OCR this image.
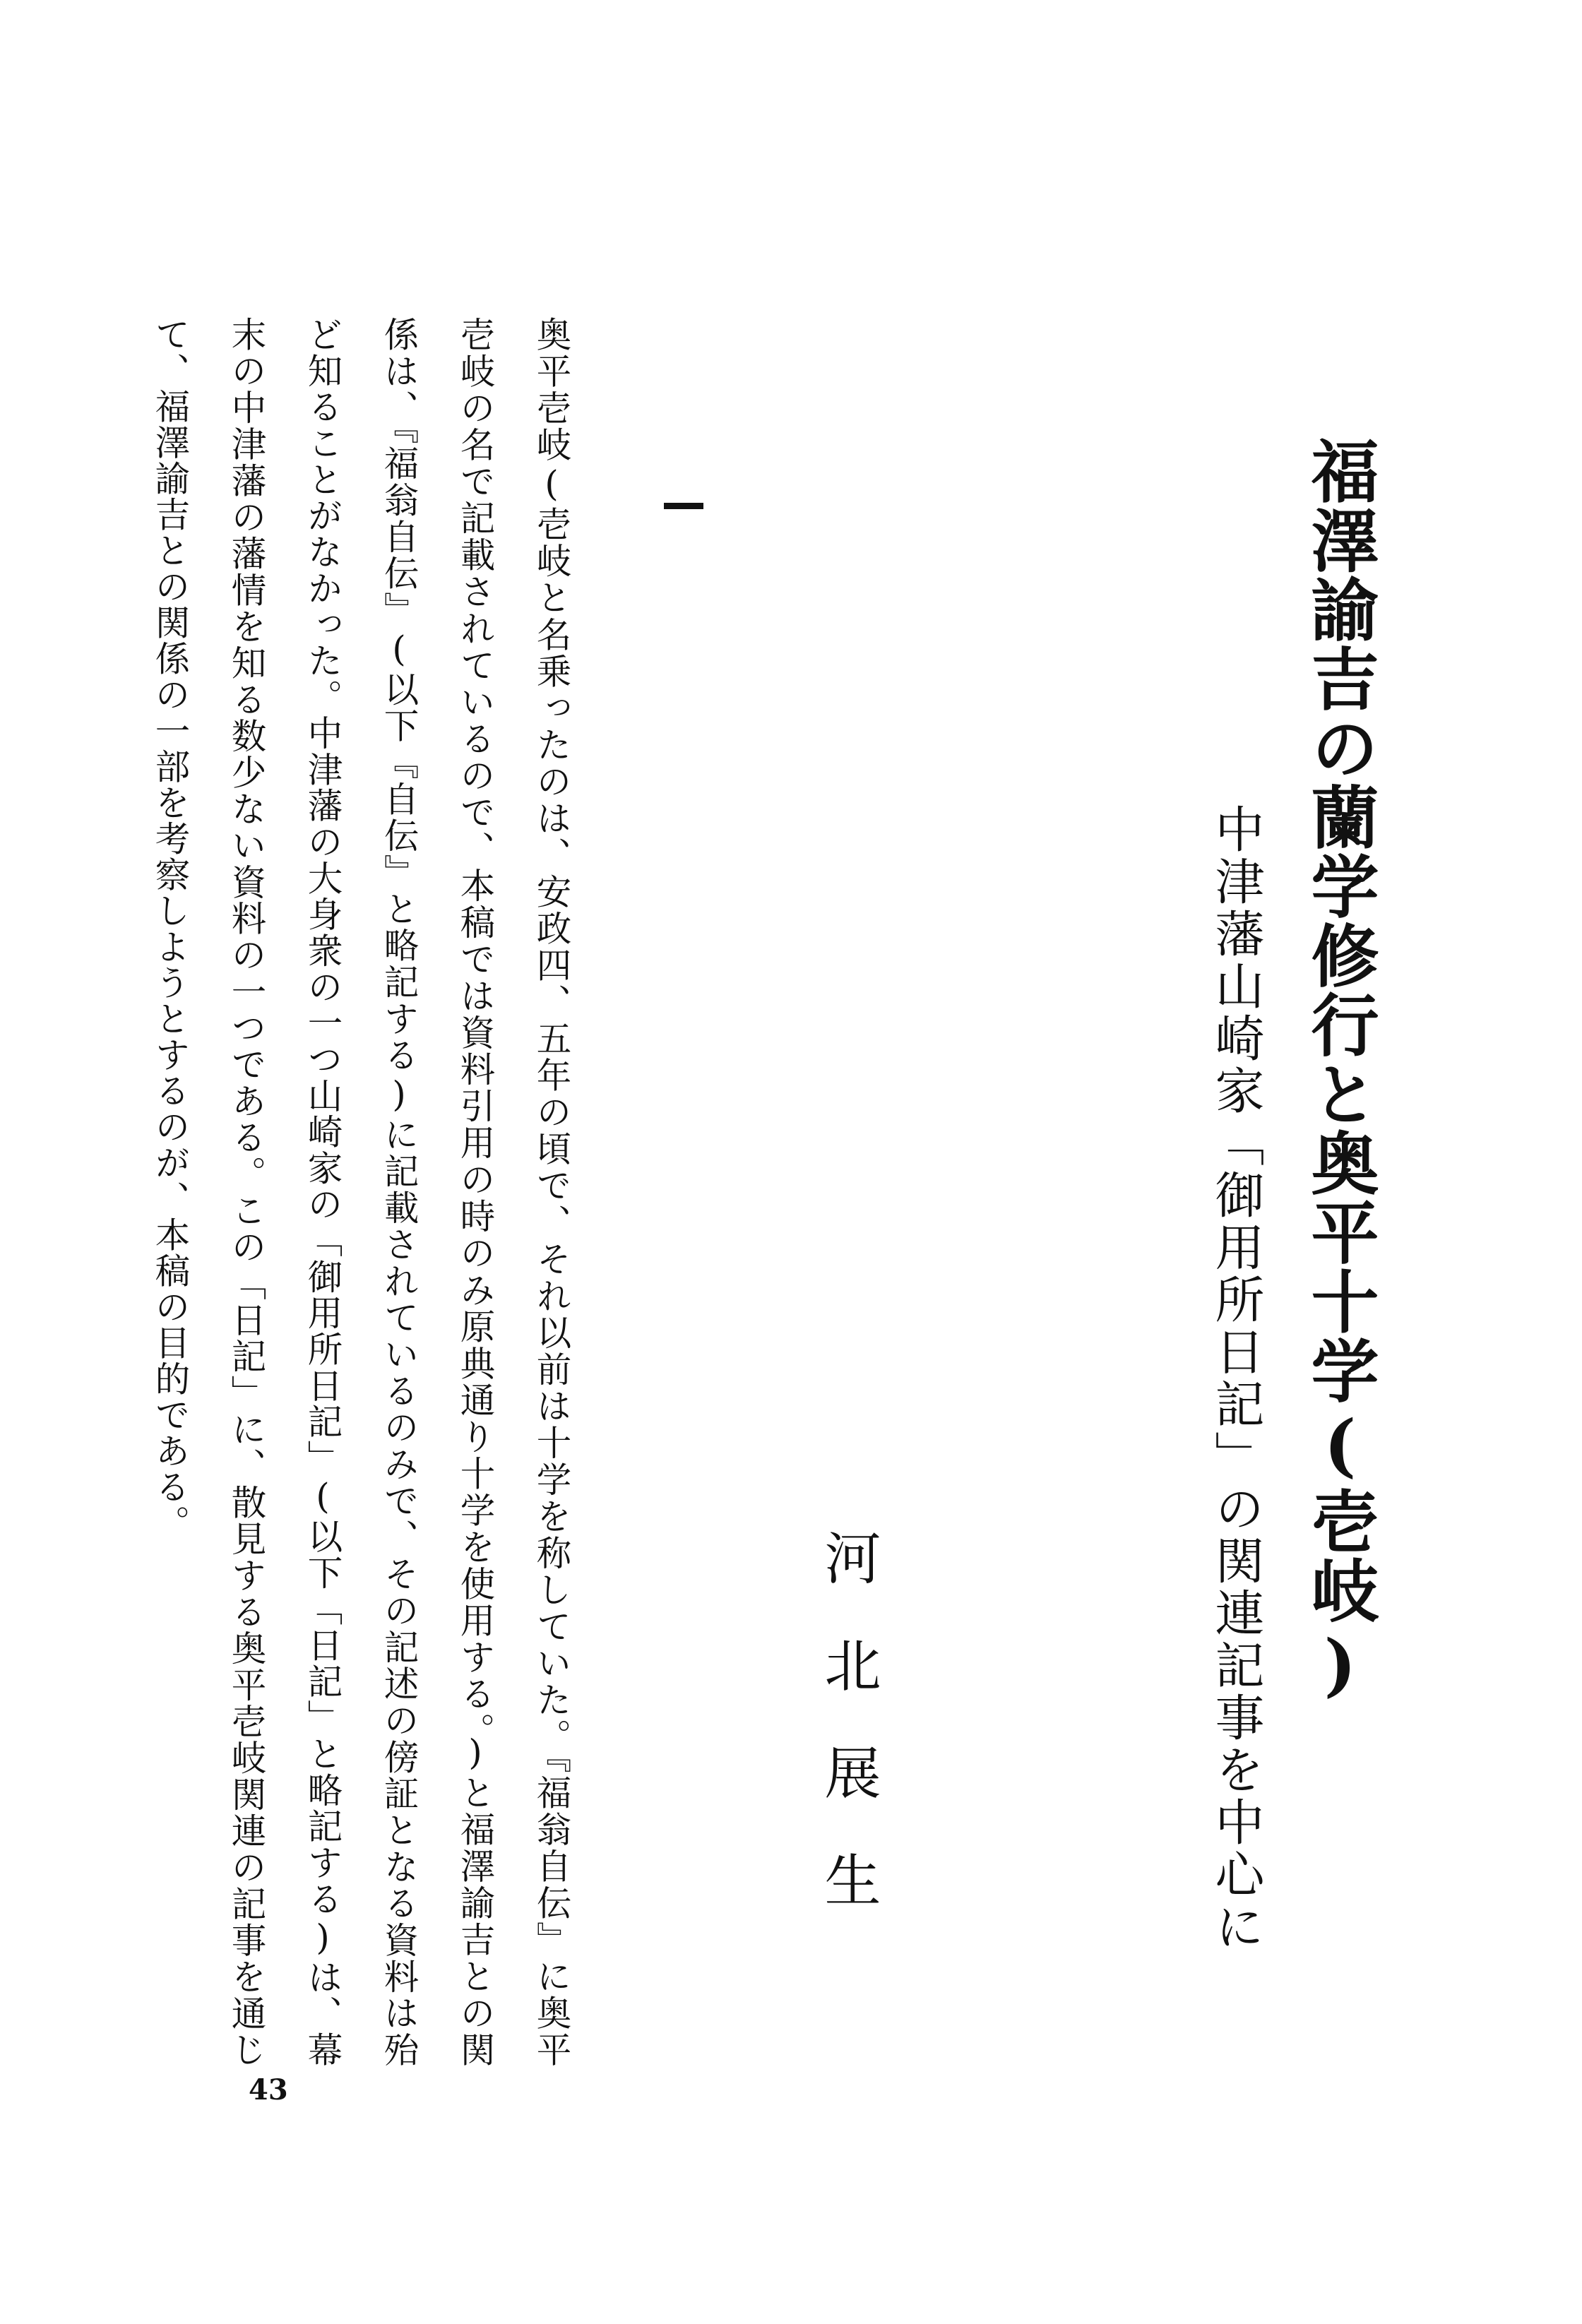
福澤諭吉の蘭学修行と奥平十学(壱岐)
中津藩山崎家「御用所日記」の関連記事を中心に
河北展生

奥平壱岐(壱岐と名乗ったのは、安政四、五年の頃で、それ以前は十学を称していた。『福翁自伝』に奥平壱岐の名で記載されているので、本稿では資料引用の時のみ原典通り十学を使用する。)と福澤諭吉との関係は、『福翁自伝』(以下『自伝』と略記する)に記載されているのみで、その記述の傍証となる資料は殆ど知ることがなかった。中津藩の大身衆の一つ山崎家の「御用所日記」(以下「日記」と略記する)は、幕末の中津藩の藩情を知る数少ない資料の一つである。この「日記」に、散見する奥平壱岐関連の記事を通じて、福澤諭吉との関係の一部を考察しようとするのが、本稿の目的である。

43
